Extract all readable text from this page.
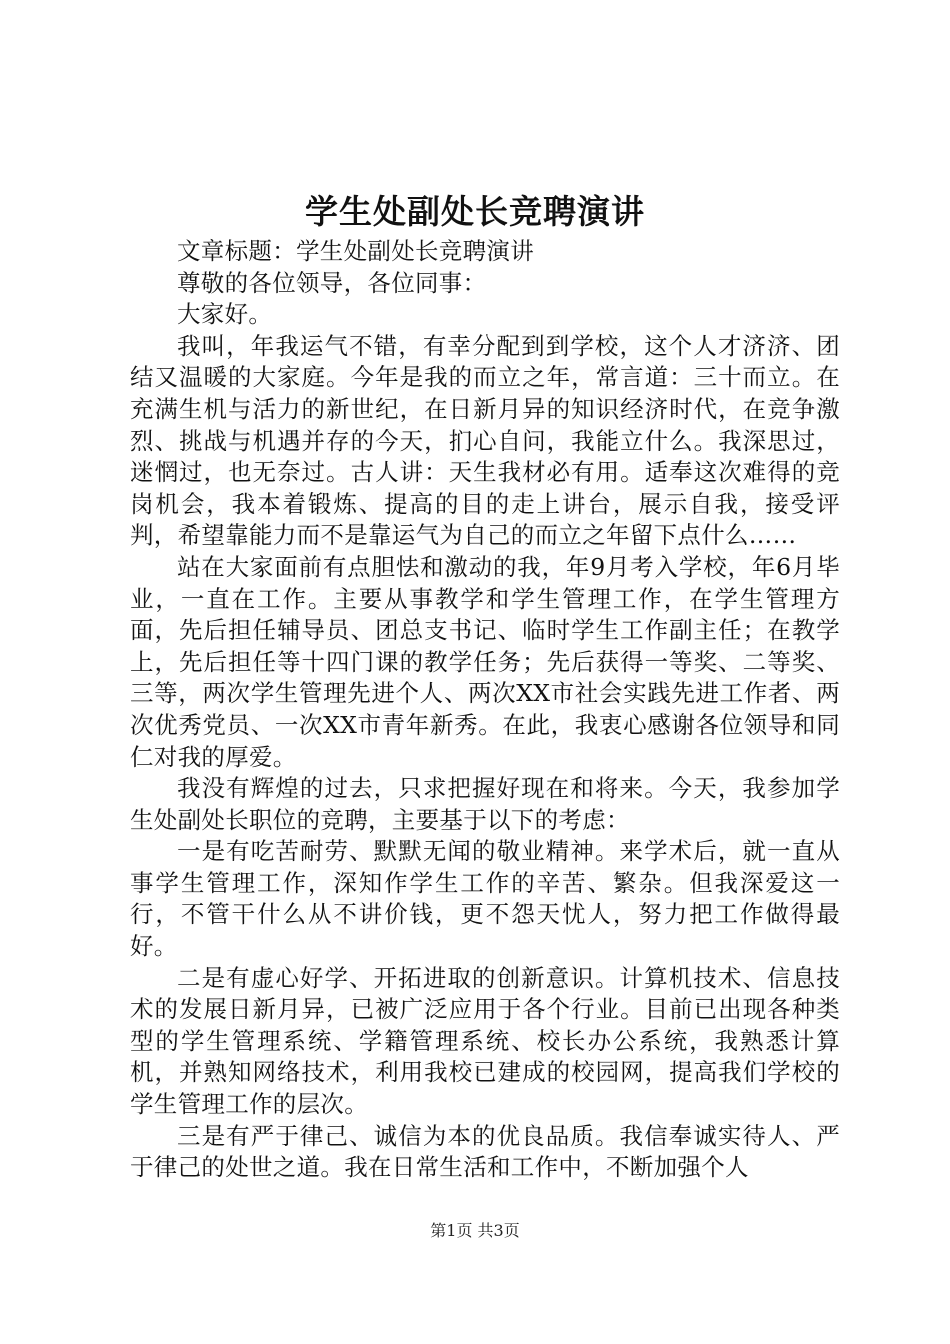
学生处副处长竞聘演讲

文章标题：学生处副处长竞聘演讲

尊敬的各位领导，各位同事：

大家好。

我叫，年我运气不错，有幸分配到到学校，这个人才济济、团结又温暖的大家庭。今年是我的而立之年，常言道：三十而立。在充满生机与活力的新世纪，在日新月异的知识经济时代，在竞争激烈、挑战与机遇并存的今天，扪心自问，我能立什么。我深思过，迷惘过，也无奈过。古人讲：天生我材必有用。适奉这次难得的竞岗机会，我本着锻炼、提高的目的走上讲台，展示自我，接受评判，希望靠能力而不是靠运气为自己的而立之年留下点什么……

站在大家面前有点胆怯和激动的我，年9月考入学校，年6月毕业，一直在工作。主要从事教学和学生管理工作，在学生管理方面，先后担任辅导员、团总支书记、临时学生工作副主任；在教学上，先后担任等十四门课的教学任务；先后获得一等奖、二等奖、三等，两次学生管理先进个人、两次XX市社会实践先进工作者、两次优秀党员、一次XX市青年新秀。在此，我衷心感谢各位领导和同仁对我的厚爱。

我没有辉煌的过去，只求把握好现在和将来。今天，我参加学生处副处长职位的竞聘，主要基于以下的考虑：

一是有吃苦耐劳、默默无闻的敬业精神。来学术后，就一直从事学生管理工作，深知作学生工作的辛苦、繁杂。但我深爱这一行，不管干什么从不讲价钱，更不怨天忧人，努力把工作做得最好。

二是有虚心好学、开拓进取的创新意识。计算机技术、信息技术的发展日新月异，已被广泛应用于各个行业。目前已出现各种类型的学生管理系统、学籍管理系统、校长办公系统，我熟悉计算机，并熟知网络技术，利用我校已建成的校园网，提高我们学校的学生管理工作的层次。

三是有严于律己、诚信为本的优良品质。我信奉诚实待人、严于律己的处世之道。我在日常生活和工作中，不断加强个人

第1页 共3页
